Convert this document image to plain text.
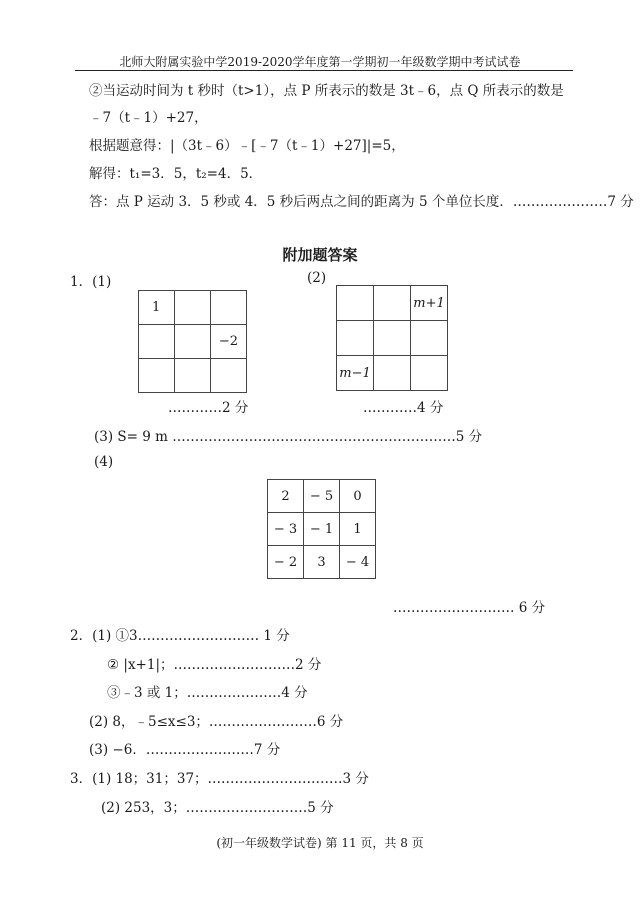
北师大附属实验中学2019-2020学年度第一学期初一年级数学期中考试试卷
②当运动时间为 t 秒时（t>1），点 P 所表示的数是 3t﹣6，点 Q 所表示的数是
﹣7（t﹣1）+27，
根据题意得：|（3t﹣6）﹣[﹣7（t﹣1）+27]|=5，
解得：t₁=3．5，t₂=4．5．
答：点 P 运动 3．5 秒或 4．5 秒后两点之间的距离为 5 个单位长度．…………………7 分
附加题答案
1．(1)	(2)
1		
		−2

		m+1

m−1		
…………2 分	…………4 分
(3) S= 9 m ………………………………………………………5 分
(4)
2	− 5	0
− 3	− 1	1
− 2	3	− 4
……………………… 6 分
2．(1) ①3……………………… 1 分
② |x+1|；………………………2 分
③﹣3 或 1；…………………4 分
(2) 8，﹣5≤x≤3；……………………6 分
(3) −6．……………………7 分
3．(1) 18；31；37；…………………………3 分
(2) 253，3；………………………5 分
(初一年级数学试卷) 第 11 页，共 8 页
